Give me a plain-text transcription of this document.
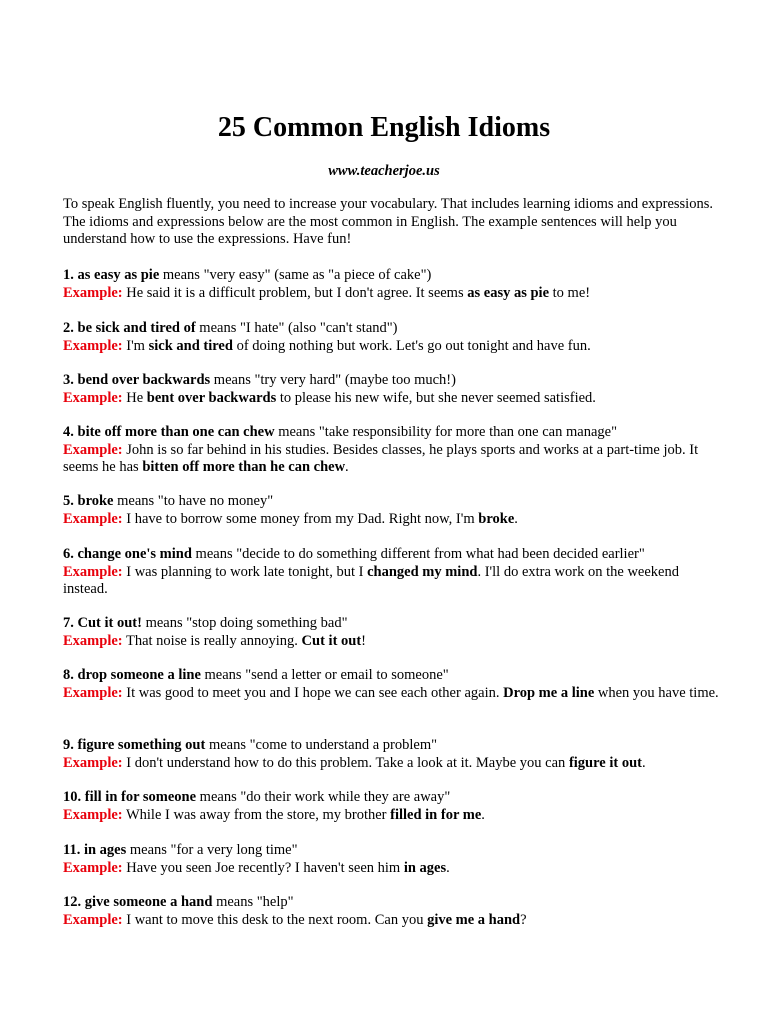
25 Common English Idioms
www.teacherjoe.us
To speak English fluently, you need to increase your vocabulary. That includes learning idioms and expressions. The idioms and expressions below are the most common in English. The example sentences will help you understand how to use the expressions. Have fun!
1. as easy as pie means "very easy" (same as "a piece of cake")
Example: He said it is a difficult problem, but I don't agree. It seems as easy as pie to me!
2. be sick and tired of means "I hate" (also "can't stand")
Example: I'm sick and tired of doing nothing but work. Let's go out tonight and have fun.
3. bend over backwards means "try very hard" (maybe too much!)
Example: He bent over backwards to please his new wife, but she never seemed satisfied.
4. bite off more than one can chew means "take responsibility for more than one can manage"
Example: John is so far behind in his studies. Besides classes, he plays sports and works at a part-time job. It seems he has bitten off more than he can chew.
5. broke means "to have no money"
Example: I have to borrow some money from my Dad. Right now, I'm broke.
6. change one's mind means "decide to do something different from what had been decided earlier"
Example: I was planning to work late tonight, but I changed my mind. I'll do extra work on the weekend instead.
7. Cut it out! means "stop doing something bad"
Example: That noise is really annoying. Cut it out!
8. drop someone a line means "send a letter or email to someone"
Example: It was good to meet you and I hope we can see each other again. Drop me a line when you have time.
9. figure something out means "come to understand a problem"
Example: I don't understand how to do this problem. Take a look at it. Maybe you can figure it out.
10. fill in for someone means "do their work while they are away"
Example: While I was away from the store, my brother filled in for me.
11. in ages means "for a very long time"
Example: Have you seen Joe recently? I haven't seen him in ages.
12. give someone a hand means "help"
Example: I want to move this desk to the next room. Can you give me a hand?
